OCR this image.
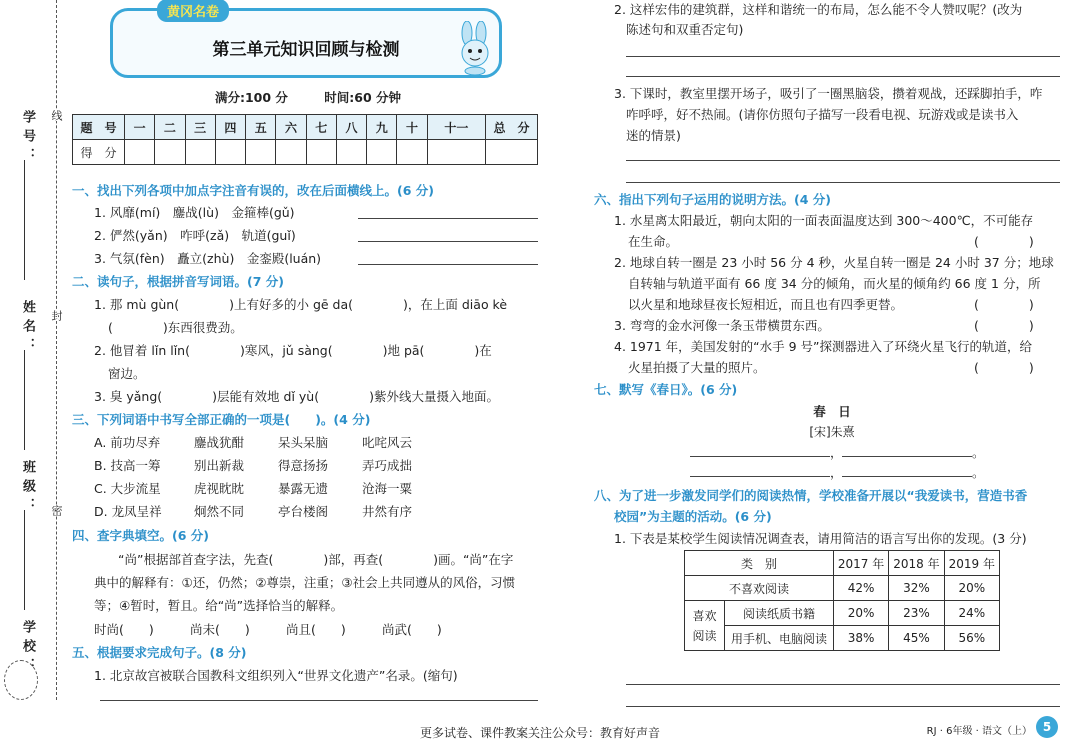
学号：
姓名：
班级：
学校：
线
封
密
黄冈名卷
第三单元知识回顾与检测
满分:100 分	时间:60 分钟
题　号	一	二	三	四	五	六	七	八	九	十	十一	总　分
得　分												
一、找出下列各项中加点字注音有误的，改在后面横线上。(6 分)
1. 风靡(mí)　鏖战(lù)　金箍棒(gǔ)
2. 俨然(yǎn)　咋呼(zǎ)　轨道(guǐ)
3. 气氛(fèn)　矗立(zhù)　金銮殿(luán)
二、读句子，根据拼音写词语。(7 分)
1. 那 mù gùn(　　　　)上有好多的小 gē da(　　　　)，在上面 diāo kè
(　　　　)东西很费劲。
2. 他冒着 lǐn lǐn(　　　　)寒风，jǔ sàng(　　　　)地 pā(　　　　)在
窗边。
3. 臭 yǎng(　　　　)层能有效地 dǐ yù(　　　　)紫外线大量摄入地面。
三、下列词语中书写全部正确的一项是(　　)。(4 分)
A. 前功尽弃	鏖战犹酣	呆头呆脑	叱咤风云
B. 技高一筹	别出新裁	得意扬扬	弄巧成拙
C. 大步流星	虎视眈眈	暴露无遗	沧海一粟
D. 龙凤呈祥	炯然不同	亭台楼阁	井然有序
四、查字典填空。(6 分)
“尚”根据部首查字法，先查(　　　　)部，再查(　　　　)画。“尚”在字
典中的解释有：①还，仍然；②尊崇，注重；③社会上共同遵从的风俗，习惯
等；④暂时，暂且。给“尚”选择恰当的解释。
时尚(　　)	尚未(　　)	尚且(　　)	尚武(　　)
五、根据要求完成句子。(8 分)
1. 北京故宫被联合国教科文组织列入“世界文化遗产”名录。(缩句)
2. 这样宏伟的建筑群，这样和谐统一的布局，怎么能不令人赞叹呢？(改为
陈述句和双重否定句)
3. 下课时，教室里摆开场子，吸引了一圈黑脑袋，攒着观战，还踩脚拍手，咋
咋呼呼，好不热闹。(请你仿照句子描写一段看电视、玩游戏或是读书入
迷的情景)
六、指出下列句子运用的说明方法。(4 分)
1. 水星离太阳最近，朝向太阳的一面表面温度达到 300～400℃，不可能存
在生命。	(　　　　)
2. 地球自转一圈是 23 小时 56 分 4 秒，火星自转一圈是 24 小时 37 分；地球
自转轴与轨道平面有 66 度 34 分的倾角，而火星的倾角约 66 度 1 分，所
以火星和地球昼夜长短相近，而且也有四季更替。	(　　　　)
3. 弯弯的金水河像一条玉带横贯东西。	(　　　　)
4. 1971 年，美国发射的“水手 9 号”探测器进入了环绕火星飞行的轨道，给
火星拍摄了大量的照片。	(　　　　)
七、默写《春日》。(6 分)
春　日
[宋]朱熹
，	。
，	。
八、为了进一步激发同学们的阅读热情，学校准备开展以“我爱读书，营造书香
校园”为主题的活动。(6 分)
1. 下表是某校学生阅读情况调查表，请用简洁的语言写出你的发现。(3 分)
类　别		2017 年	2018 年	2019 年
不喜欢阅读		42%	32%	20%
喜欢阅读	阅读纸质书籍	20%	23%	24%
	用手机、电脑阅读	38%	45%	56%
更多试卷、课件教案关注公众号：教育好声音	RJ · 6年级 · 语文（上） 5
